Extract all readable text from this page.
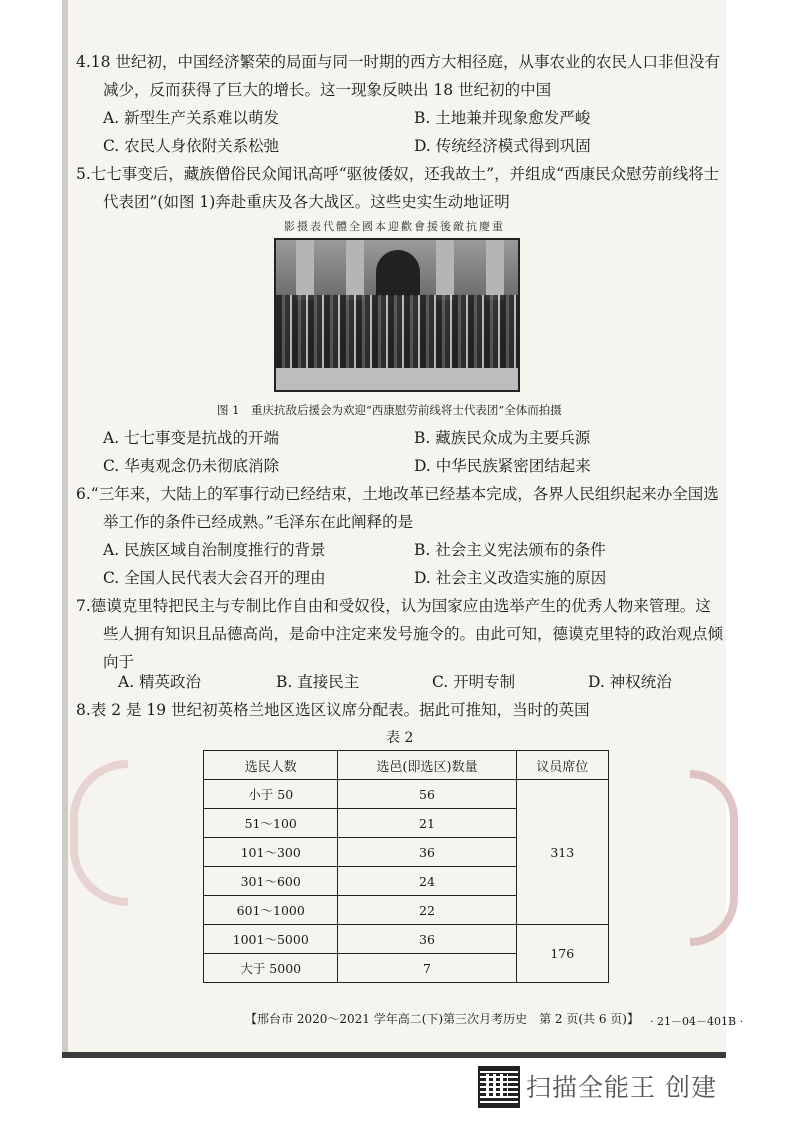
4.18 世纪初，中国经济繁荣的局面与同一时期的西方大相径庭，从事农业的农民人口非但没有
减少，反而获得了巨大的增长。这一现象反映出 18 世纪初的中国
A. 新型生产关系难以萌发	B. 土地兼并现象愈发严峻
C. 农民人身依附关系松弛	D. 传统经济模式得到巩固
5.七七事变后，藏族僧俗民众闻讯高呼“驱彼倭奴，还我故土”，并组成“西康民众慰劳前线将士
代表团”(如图 1)奔赴重庆及各大战区。这些史实生动地证明
影摄表代體全國本迎歡會援後敵抗慶重
图 1　重庆抗敌后援会为欢迎“西康慰劳前线将士代表团”全体而拍摄
A. 七七事变是抗战的开端	B. 藏族民众成为主要兵源
C. 华夷观念仍未彻底消除	D. 中华民族紧密团结起来
6.“三年来，大陆上的军事行动已经结束，土地改革已经基本完成，各界人民组织起来办全国选
举工作的条件已经成熟。”毛泽东在此阐释的是
A. 民族区域自治制度推行的背景	B. 社会主义宪法颁布的条件
C. 全国人民代表大会召开的理由	D. 社会主义改造实施的原因
7.德谟克里特把民主与专制比作自由和受奴役，认为国家应由选举产生的优秀人物来管理。这
些人拥有知识且品德高尚，是命中注定来发号施令的。由此可知，德谟克里特的政治观点倾
向于
A. 精英政治	B. 直接民主	C. 开明专制	D. 神权统治
8.表 2 是 19 世纪初英格兰地区选区议席分配表。据此可推知，当时的英国
表 2
选民人数	选邑(即选区)数量	议员席位
小于 50	56	313
51～100	21	
101～300	36	
301～600	24	
601～1000	22	
1001～5000	36	176
大于 5000	7	
【邢台市 2020～2021 学年高二(下)第三次月考历史　第 2 页(共 6 页)】 · 21－04－401B ·
扫描全能王 创建
